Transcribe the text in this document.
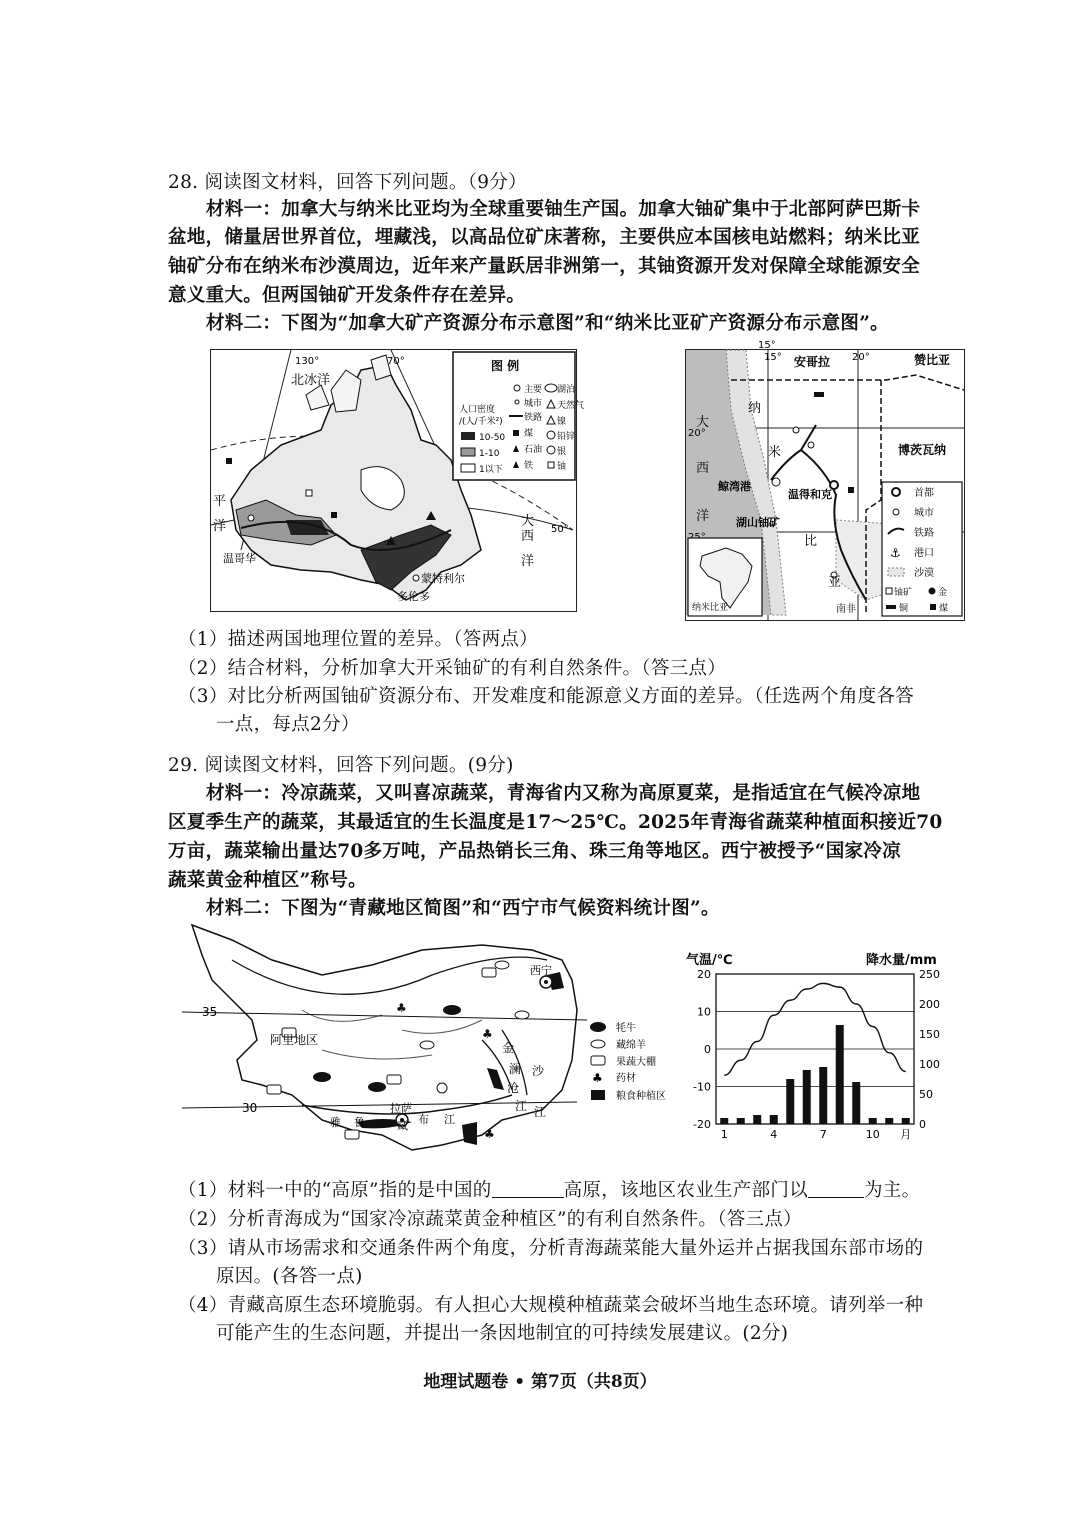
28. 阅读图文材料，回答下列问题。（9分）
材料一：加拿大与纳米比亚均为全球重要铀生产国。加拿大铀矿集中于北部阿萨巴斯卡
盆地，储量居世界首位，埋藏浅，以高品位矿床著称，主要供应本国核电站燃料；纳米比亚
铀矿分布在纳米布沙漠周边，近年来产量跃居非洲第一，其铀资源开发对保障全球能源安全
意义重大。但两国铀矿开发条件存在差异。
材料二：下图为“加拿大矿产资源分布示意图”和“纳米比亚矿产资源分布示意图”。
130°	70°
北冰洋
平
洋	大
西
洋
50°
温哥华
蒙特利尔
多伦多
图 例
人口密度
/(人/千米²)
10-50
1-10
1以下
主要
城市
铁路
煤
石油
铁
湖泊
天然气
镍
铅锌
银
铀
15°
15°	20°
20°
安哥拉	赞比亚
博茨瓦纳
大
西
洋
纳
米
比
亚
鲸湾港
温得和克
湖山铀矿
南非
纳米比亚
首都
城市
铁路
⚓ 港口
沙漠
铀矿	金
铜	煤
（1）描述两国地理位置的差异。（答两点）
（2）结合材料，分析加拿大开采铀矿的有利自然条件。（答三点）
（3）对比分析两国铀矿资源分布、开发难度和能源意义方面的差异。（任选两个角度各答
一点，每点2分）
29. 阅读图文材料，回答下列问题。(9分)
材料一：冷凉蔬菜，又叫喜凉蔬菜，青海省内又称为高原夏菜，是指适宜在气候冷凉地
区夏季生产的蔬菜，其最适宜的生长温度是17～25℃。2025年青海省蔬菜种植面积接近70
万亩，蔬菜输出量达70多万吨，产品热销长三角、珠三角等地区。西宁被授予“国家冷凉
蔬菜黄金种植区”称号。
材料二：下图为“青藏地区简图”和“西宁市气候资料统计图”。
♣
♣
♣
35
30
西宁
阿里地区
拉萨
雅 鲁	藏 布 江
金
沙
江
澜
沧
江
牦牛
藏绵羊
果蔬大棚
♣ 药材
粮食种植区
气温/℃	降水量/mm
20
10
0
-10
-20
250
200
150
100
50
0
1	4	7	10 月
（1）材料一中的“高原”指的是中国的	高原，该地区农业生产部门以	为主。
（2）分析青海成为“国家冷凉蔬菜黄金种植区”的有利自然条件。（答三点）
（3）请从市场需求和交通条件两个角度，分析青海蔬菜能大量外运并占据我国东部市场的
原因。(各答一点)
（4）青藏高原生态环境脆弱。有人担心大规模种植蔬菜会破坏当地生态环境。请列举一种
可能产生的生态问题，并提出一条因地制宜的可持续发展建议。(2分)
地理试题卷 • 第7页（共8页）
